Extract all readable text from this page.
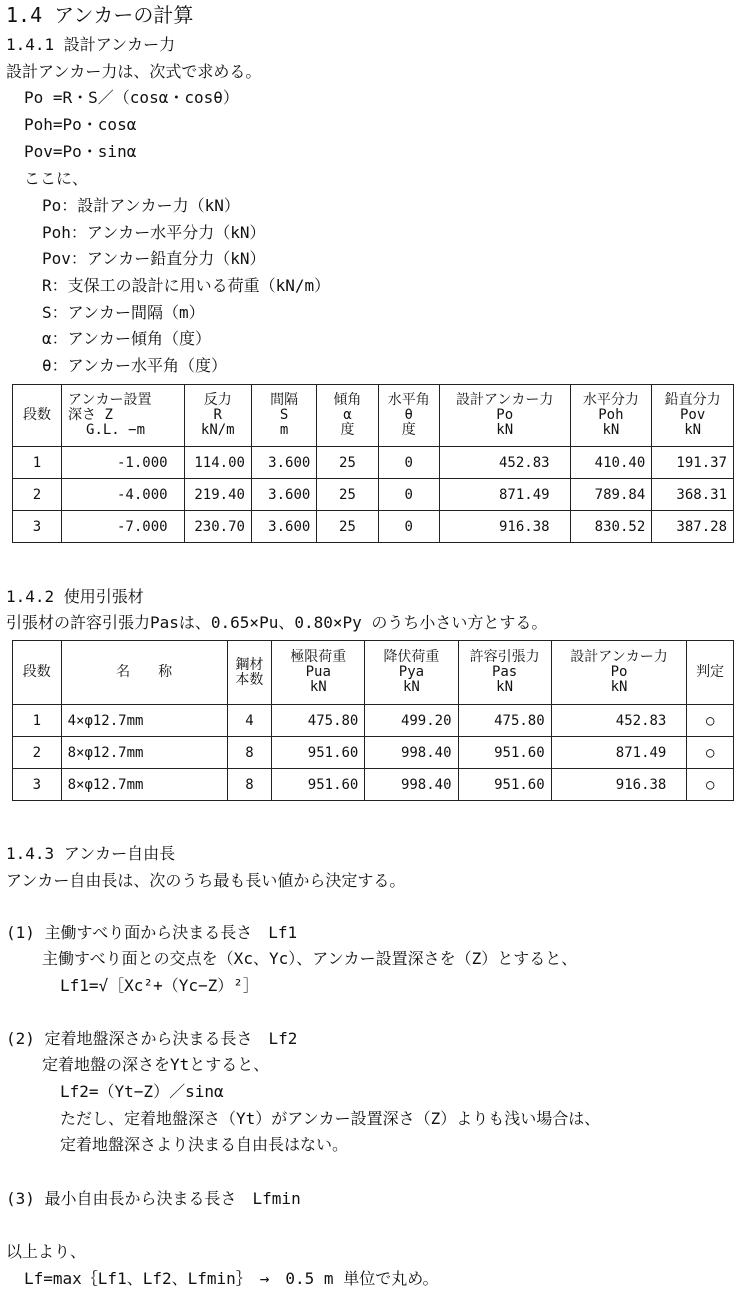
1.4 アンカーの計算
1.4.1 設計アンカー力
設計アンカー力は、次式で求める。
Po =R・S／（cosα・cosθ）
Poh=Po・cosα
Pov=Po・sinα
ここに、
Po：設計アンカー力（kN）
Poh：アンカー水平分力（kN）
Pov：アンカー鉛直分力（kN）
R：支保工の設計に用いる荷重（kN/m）
S：アンカー間隔（m）
α：アンカー傾角（度）
θ：アンカー水平角（度）
段数	アンカー設置
深さ Z
G.L. −m	反力
R
kN/m	間隔
S
m	傾角
α
度	水平角
θ
度	設計アンカー力
Po
kN	水平分力
Poh
kN	鉛直分力
Pov
kN
1	-1.000	114.00	3.600	25	0	452.83	410.40	191.37
2	-4.000	219.40	3.600	25	0	871.49	789.84	368.31
3	-7.000	230.70	3.600	25	0	916.38	830.52	387.28
1.4.2 使用引張材
引張材の許容引張力Pasは、0.65×Pu、0.80×Py のうち小さい方とする。
段数	名　　称	鋼材
本数	極限荷重
Pua
kN	降伏荷重
Pya
kN	許容引張力
Pas
kN	設計アンカー力
Po
kN	判定
1	4×φ12.7mm	4	475.80	499.20	475.80	452.83	○
2	8×φ12.7mm	8	951.60	998.40	951.60	871.49	○
3	8×φ12.7mm	8	951.60	998.40	951.60	916.38	○
1.4.3 アンカー自由長
アンカー自由長は、次のうち最も長い値から決定する。
(1) 主働すべり面から決まる長さ　Lf1
主働すべり面との交点を（Xc、Yc）、アンカー設置深さを（Z）とすると、
Lf1=√［Xc²+（Yc−Z）²］
(2) 定着地盤深さから決まる長さ　Lf2
定着地盤の深さをYtとすると、
Lf2=（Yt−Z）／sinα
ただし、定着地盤深さ（Yt）がアンカー設置深さ（Z）よりも浅い場合は、
定着地盤深さより決まる自由長はない。
(3) 最小自由長から決まる長さ　Lfmin
以上より、
Lf=max｛Lf1、Lf2、Lfmin｝　→　0.5 m 単位で丸め。
